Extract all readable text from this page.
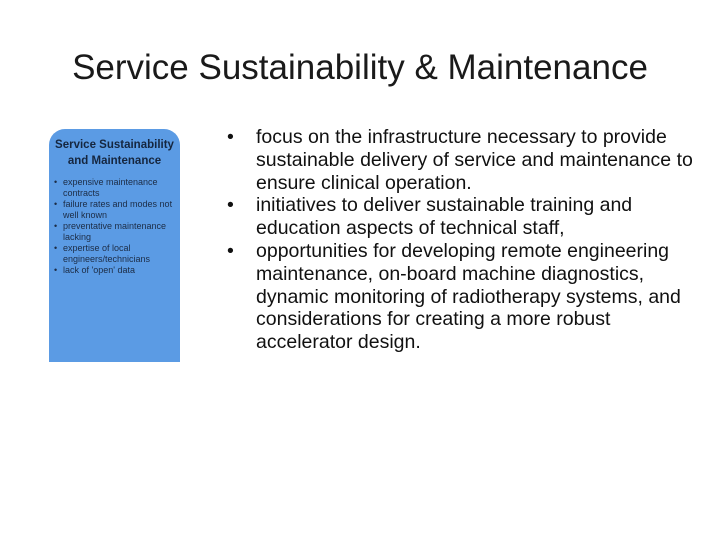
Service Sustainability & Maintenance
Service Sustainability and Maintenance
• expensive maintenance contracts
• failure rates and modes not well known
• preventative maintenance lacking
• expertise of local engineers/technicians
• lack of 'open' data
• focus on the infrastructure necessary to provide sustainable delivery of service and maintenance to ensure clinical operation.
• initiatives to deliver sustainable training and education aspects of technical staff,
• opportunities for developing remote engineering maintenance, on-board machine diagnostics, dynamic monitoring of radiotherapy systems, and considerations for creating a more robust accelerator design.
